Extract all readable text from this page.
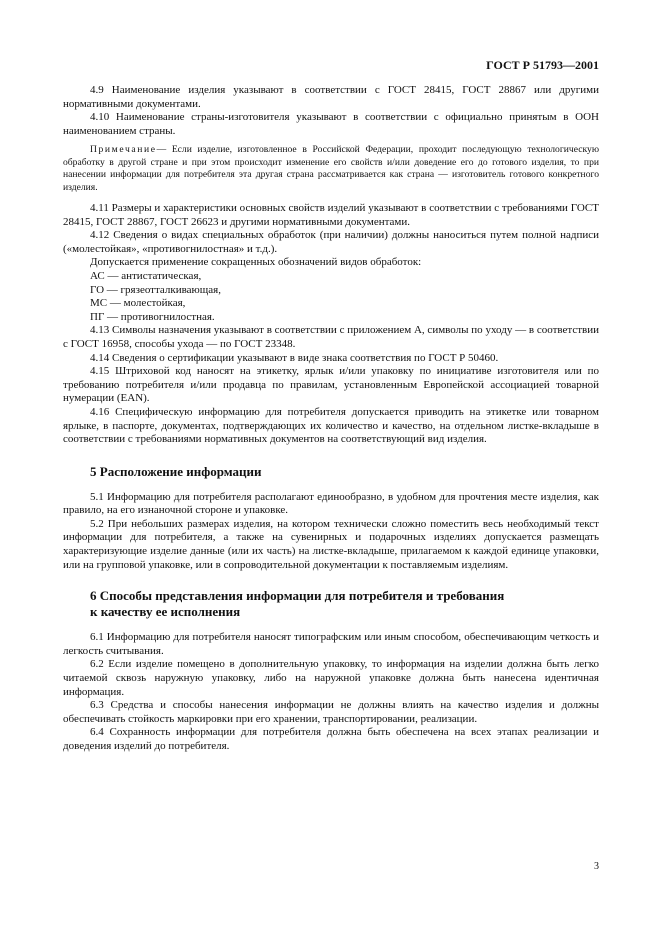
ГОСТ Р 51793—2001

4.9 Наименование изделия указывают в соответствии с ГОСТ 28415, ГОСТ 28867 или другими нормативными документами.

4.10 Наименование страны-изготовителя указывают в соответствии с официально принятым в ООН наименованием страны.

Примечание— Если изделие, изготовленное в Российской Федерации, проходит последующую технологическую обработку в другой стране и при этом происходит изменение его свойств и/или доведение его до готового изделия, то при нанесении информации для потребителя эта другая страна рассматривается как страна — изготовитель готового конкретного изделия.

4.11 Размеры и характеристики основных свойств изделий указывают в соответствии с требованиями ГОСТ 28415, ГОСТ 28867, ГОСТ 26623 и другими нормативными документами.

4.12 Сведения о видах специальных обработок (при наличии) должны наноситься путем полной надписи («молестойкая», «противогнилостная» и т.д.).

Допускается применение сокращенных обозначений видов обработок:

АС — антистатическая,

ГО — грязеотталкивающая,

МС — молестойкая,

ПГ — противогнилостная.

4.13 Символы назначения указывают в соответствии с приложением А, символы по уходу — в соответствии с ГОСТ 16958, способы ухода — по ГОСТ 23348.

4.14 Сведения о сертификации указывают в виде знака соответствия по ГОСТ Р 50460.

4.15 Штриховой код наносят на этикетку, ярлык и/или упаковку по инициативе изготовителя или по требованию потребителя и/или продавца по правилам, установленным Европейской ассоциацией товарной нумерации (EAN).

4.16 Специфическую информацию для потребителя допускается приводить на этикетке или товарном ярлыке, в паспорте, документах, подтверждающих их количество и качество, на отдельном листке-вкладыше в соответствии с требованиями нормативных документов на соответствующий вид изделия.

5 Расположение информации

5.1 Информацию для потребителя располагают единообразно, в удобном для прочтения месте изделия, как правило, на его изнаночной стороне и упаковке.

5.2 При небольших размерах изделия, на котором технически сложно поместить весь необходимый текст информации для потребителя, а также на сувенирных и подарочных изделиях допускается размещать характеризующие изделие данные (или их часть) на листке-вкладыше, прилагаемом к каждой единице упаковки, или на групповой упаковке, или в сопроводительной документации к поставляемым изделиям.

6 Способы представления информации для потребителя и требования
к качеству ее исполнения

6.1 Информацию для потребителя наносят типографским или иным способом, обеспечивающим четкость и легкость считывания.

6.2 Если изделие помещено в дополнительную упаковку, то информация на изделии должна быть легко читаемой сквозь наружную упаковку, либо на наружной упаковке должна быть нанесена идентичная информация.

6.3 Средства и способы нанесения информации не должны влиять на качество изделия и должны обеспечивать стойкость маркировки при его хранении, транспортировании, реализации.

6.4 Сохранность информации для потребителя должна быть обеспечена на всех этапах реализации и доведения изделий до потребителя.

3
